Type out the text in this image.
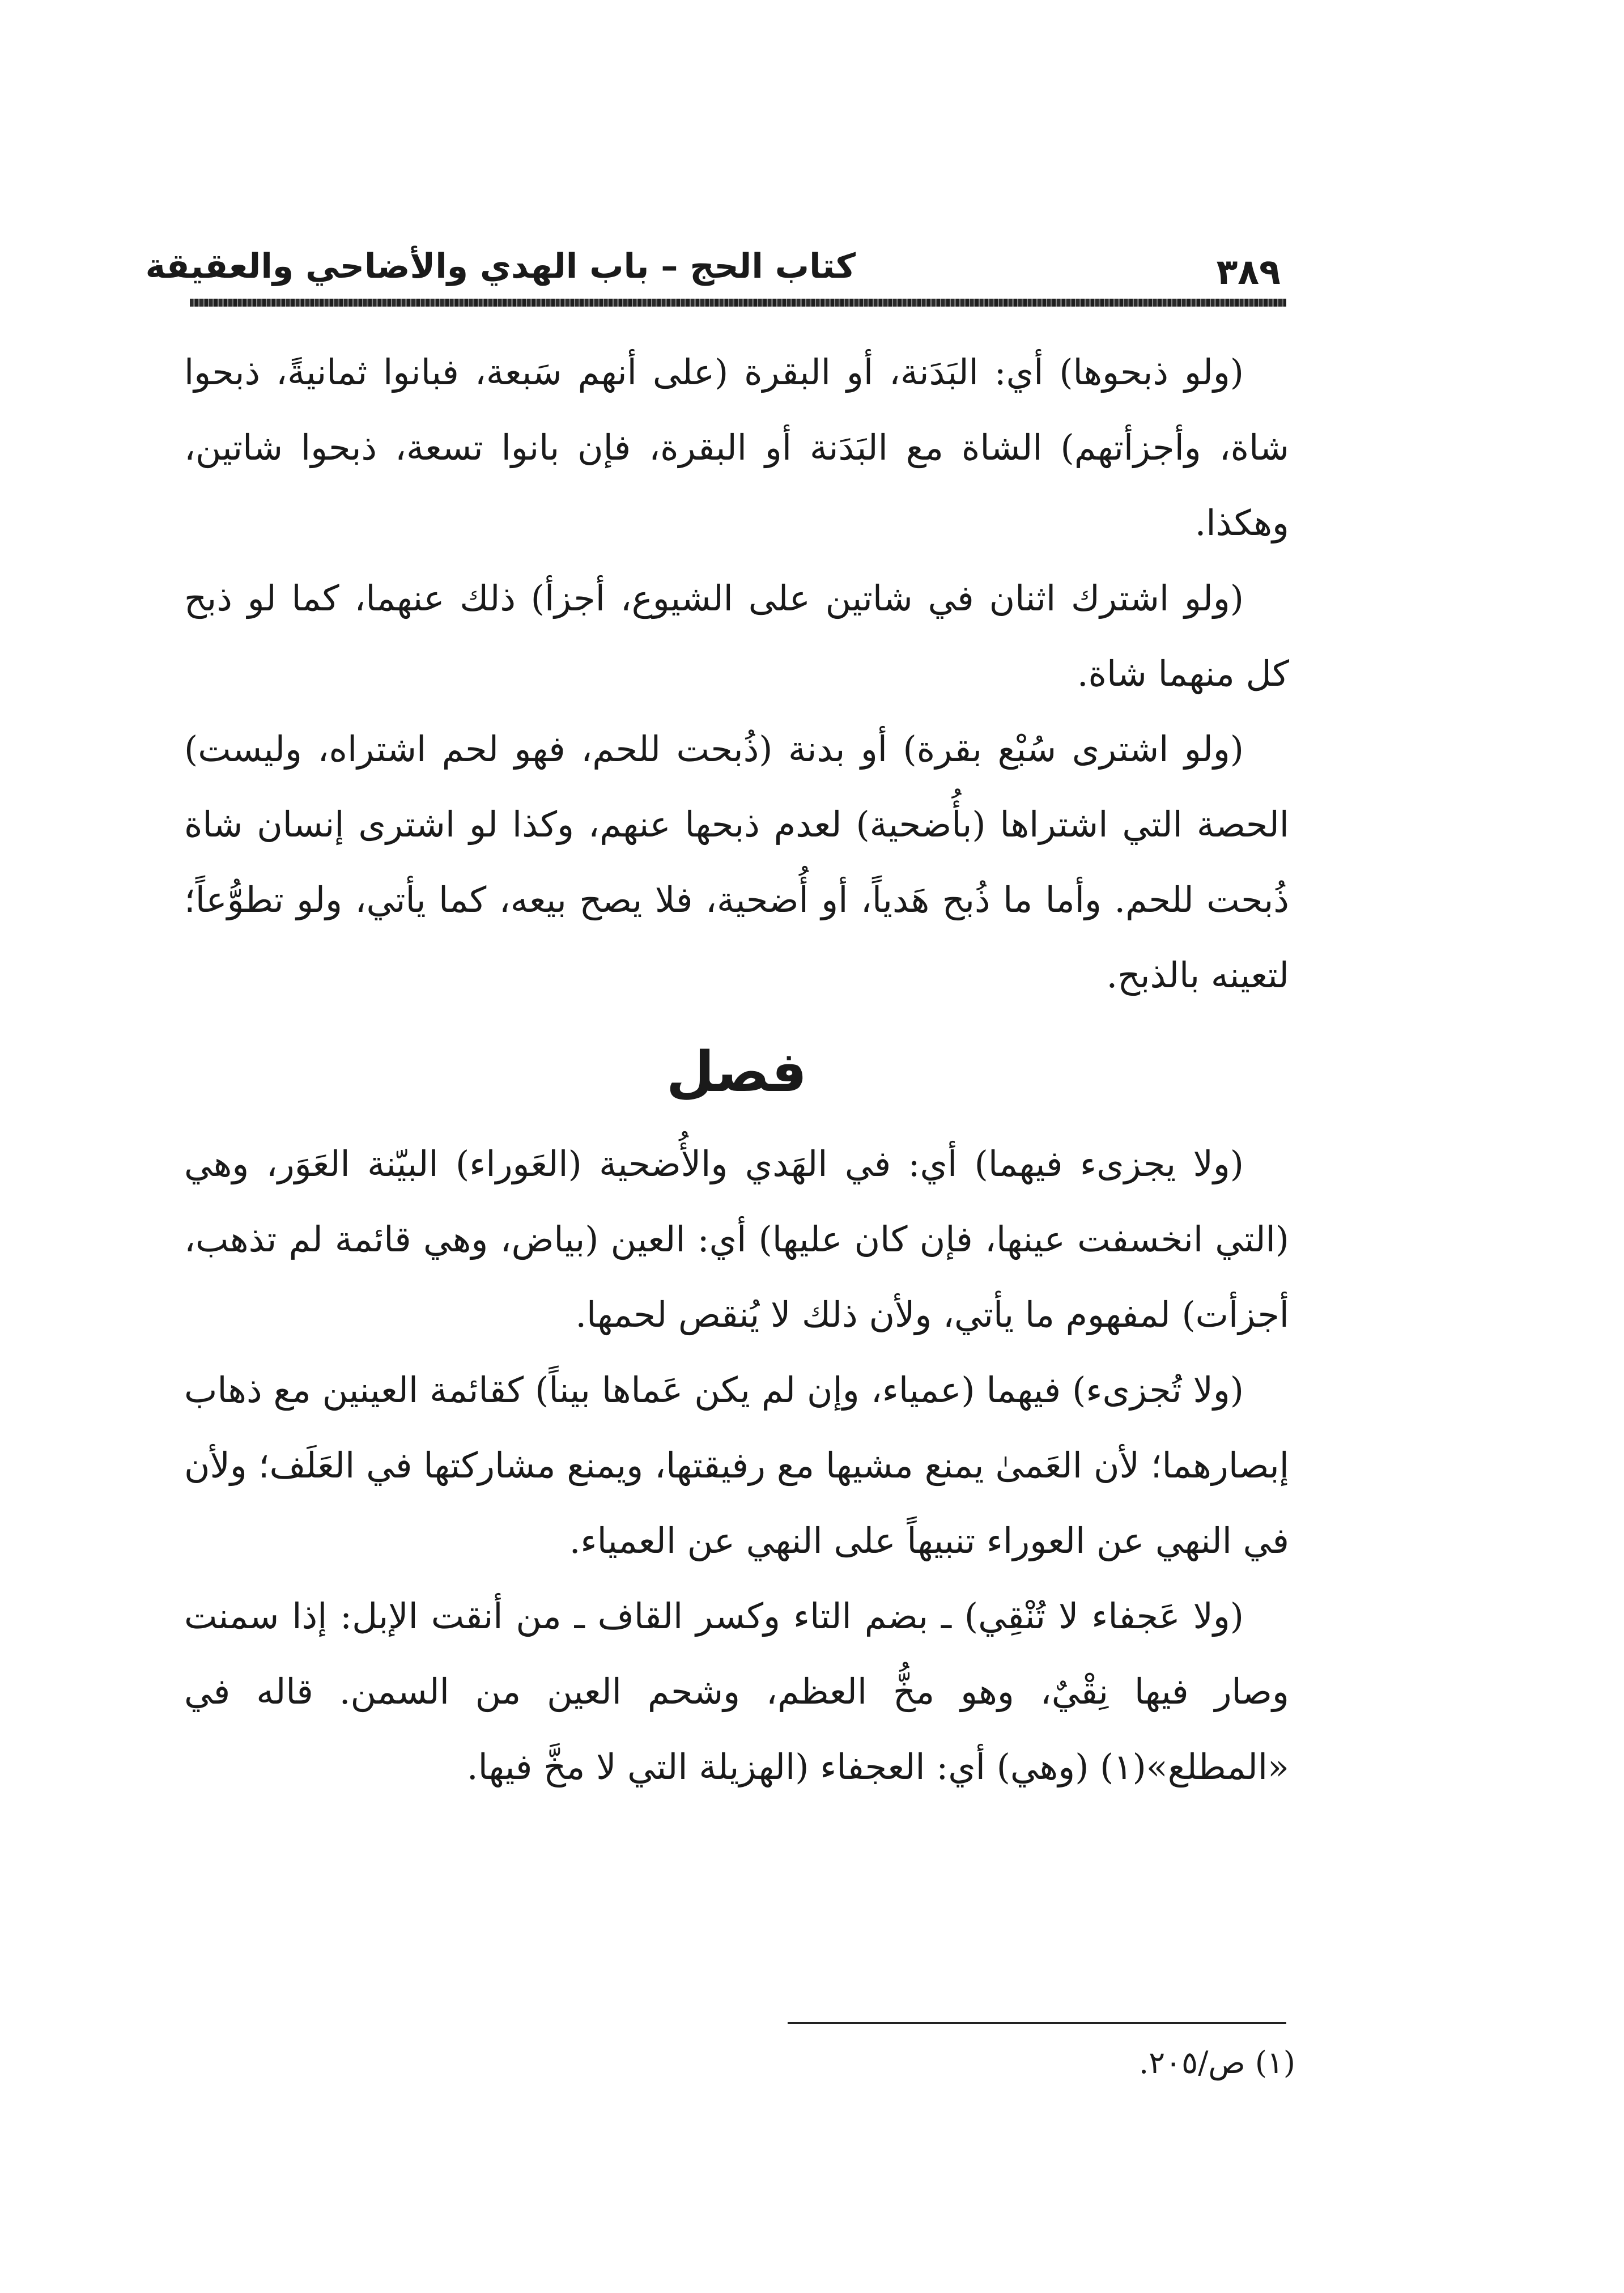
٣٨٩
كتاب الحج – باب الهدي والأضاحي والعقيقة

(ولو ذبحوها) أي: البَدَنة، أو البقرة (على أنهم سَبعة، فبانوا ثمانيةً، ذبحوا شاة، وأجزأتهم) الشاة مع البَدَنة أو البقرة، فإن بانوا تسعة، ذبحوا شاتين، وهكذا.

(ولو اشترك اثنان في شاتين على الشيوع، أجزأ) ذلك عنهما، كما لو ذبح كل منهما شاة.

(ولو اشترى سُبْع بقرة) أو بدنة (ذُبحت للحم، فهو لحم اشتراه، وليست) الحصة التي اشتراها (بأُضحية) لعدم ذبحها عنهم، وكذا لو اشترى إنسان شاة ذُبحت للحم. وأما ما ذُبح هَدياً، أو أُضحية، فلا يصح بيعه، كما يأتي، ولو تطوُّعاً؛ لتعينه بالذبح.

فصل

(ولا يجزىء فيهما) أي: في الهَدي والأُضحية (العَوراء) البيّنة العَوَر، وهي (التي انخسفت عينها، فإن كان عليها) أي: العين (بياض، وهي قائمة لم تذهب، أجزأت) لمفهوم ما يأتي، ولأن ذلك لا يُنقص لحمها.

(ولا تُجزىء) فيهما (عمياء، وإن لم يكن عَماها بيناً) كقائمة العينين مع ذهاب إبصارهما؛ لأن العَمىٰ يمنع مشيها مع رفيقتها، ويمنع مشاركتها في العَلَف؛ ولأن في النهي عن العوراء تنبيهاً على النهي عن العمياء.

(ولا عَجفاء لا تُنْقِي) ـ بضم التاء وكسر القاف ـ من أنقت الإبل: إذا سمنت وصار فيها نِقْيٌ، وهو مخُّ العظم، وشحم العين من السمن. قاله في «المطلع»(١) (وهي) أي: العجفاء (الهزيلة التي لا مخَّ فيها.

(١) ص/٢٠٥.
